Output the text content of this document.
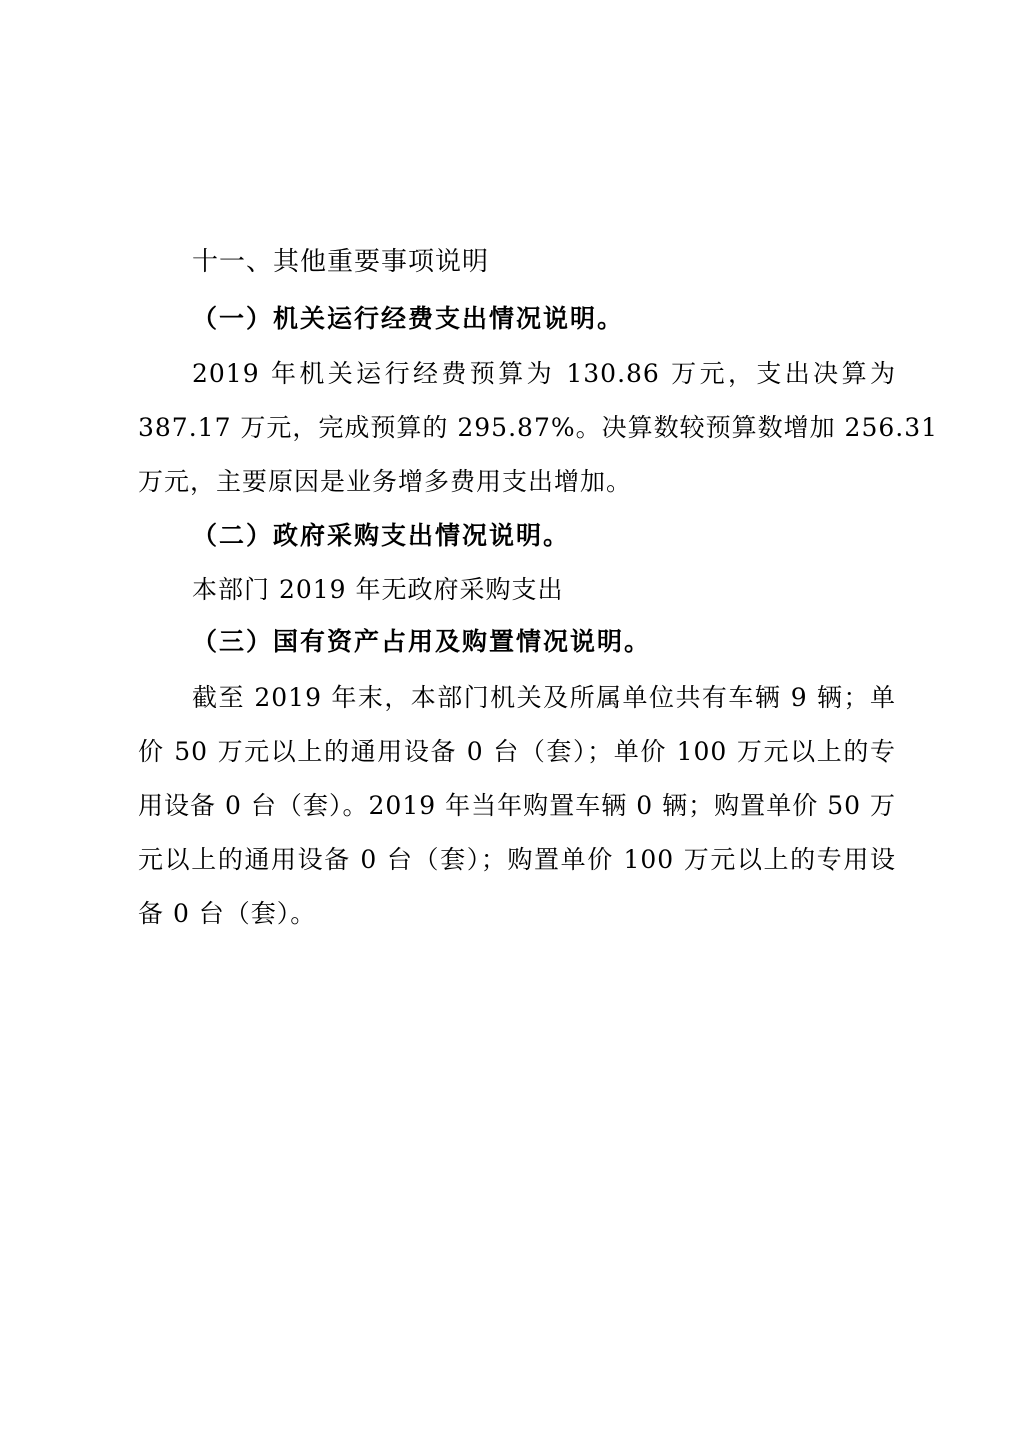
十一、其他重要事项说明
（一）机关运行经费支出情况说明。
2019 年机关运行经费预算为 130.86 万元，支出决算为
387.17 万元，完成预算的 295.87%。决算数较预算数增加 256.31
万元，主要原因是业务增多费用支出增加。
（二）政府采购支出情况说明。
本部门 2019 年无政府采购支出
（三）国有资产占用及购置情况说明。
截至 2019 年末，本部门机关及所属单位共有车辆 9 辆；单
价 50 万元以上的通用设备 0 台（套）；单价 100 万元以上的专
用设备 0 台（套）。2019 年当年购置车辆 0 辆；购置单价 50 万
元以上的通用设备 0 台（套）；购置单价 100 万元以上的专用设
备 0 台（套）。
